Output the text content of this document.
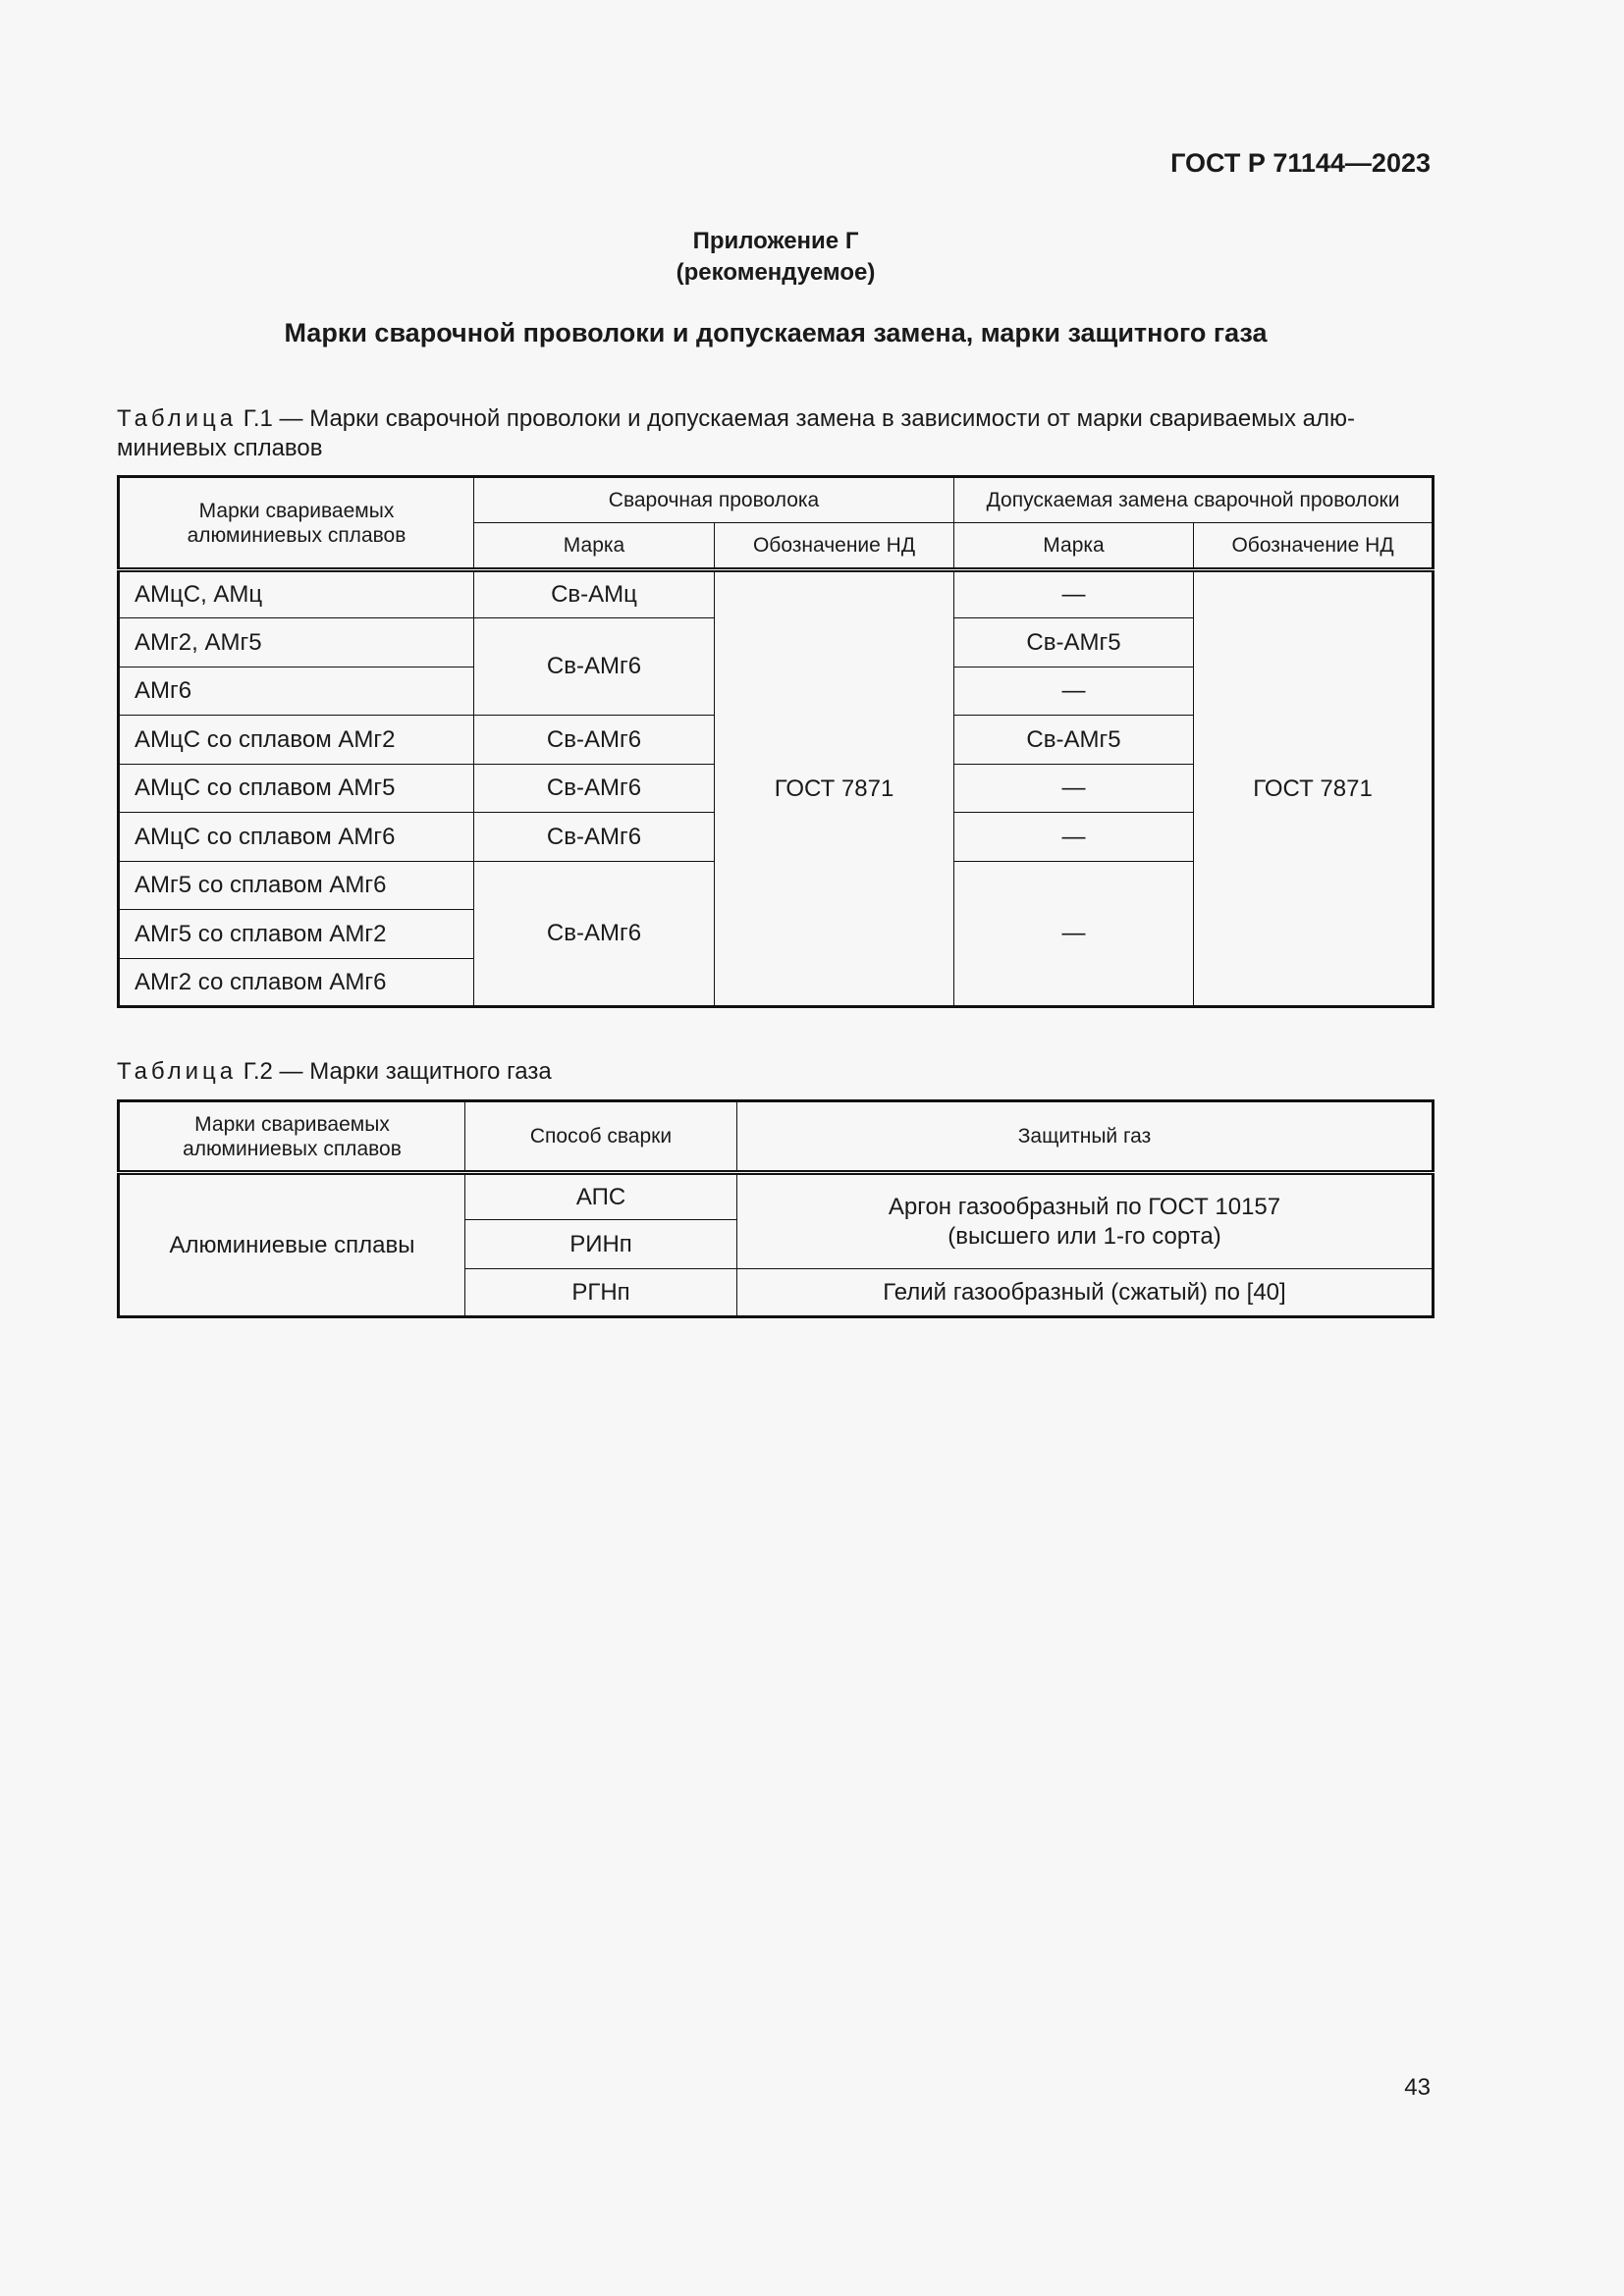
ГОСТ Р 71144—2023
Приложение Г
(рекомендуемое)
Марки сварочной проволоки и допускаемая замена, марки защитного газа
Таблица Г.1 — Марки сварочной проволоки и допускаемая замена в зависимости от марки свариваемых алю-
миниевых сплавов
Марки свариваемых алюминиевых сплавов	Сварочная проволока		Допускаемая замена сварочной проволоки	
	Марка	Обозначение НД	Марка	Обозначение НД
АМцС, АМц	Св-АМц	ГОСТ 7871	—	ГОСТ 7871
АМг2, АМг5	Св-АМг6		Св-АМг5	
АМг6			—	
АМцС со сплавом АМг2	Св-АМг6		Св-АМг5	
АМцС со сплавом АМг5	Св-АМг6		—	
АМцС со сплавом АМг6	Св-АМг6		—	
АМг5 со сплавом АМг6	Св-АМг6		—	
АМг5 со сплавом АМг2				
АМг2 со сплавом АМг6				
Таблица Г.2 — Марки защитного газа
Марки свариваемых алюминиевых сплавов	Способ сварки	Защитный газ
Алюминиевые сплавы	АПС	Аргон газообразный по ГОСТ 10157
(высшего или 1-го сорта)
	РИНп	
	РГНп	Гелий газообразный (сжатый) по [40]
43
